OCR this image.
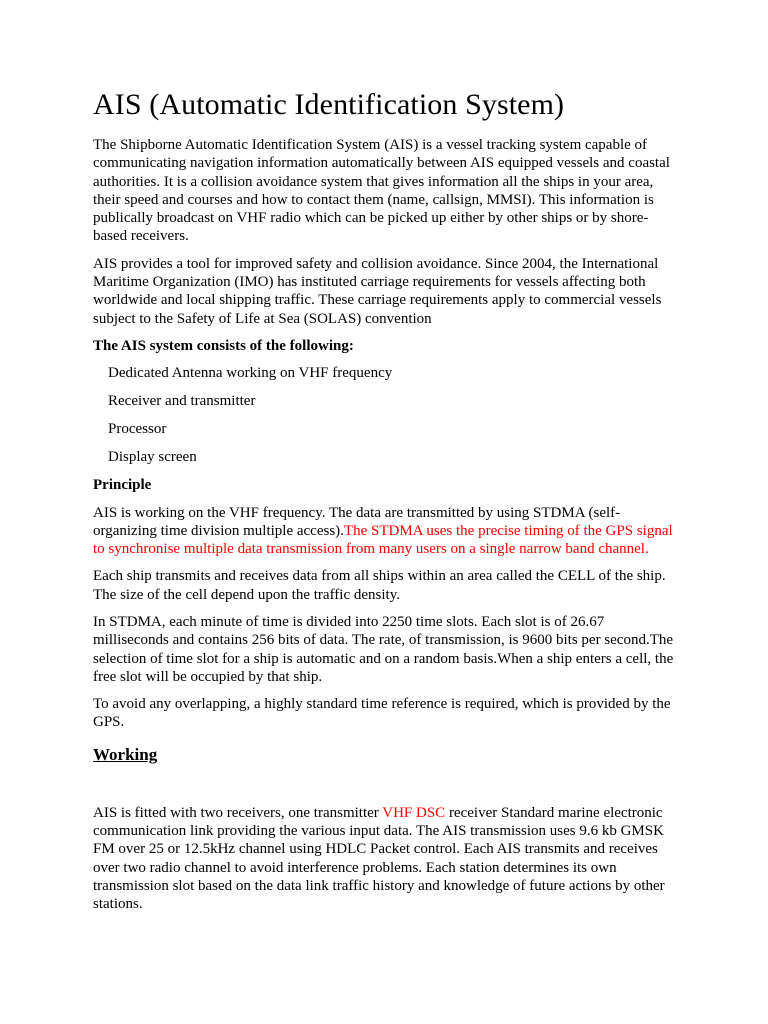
AIS (Automatic Identification System)

The Shipborne Automatic Identification System (AIS) is a vessel tracking system capable of communicating navigation information automatically between AIS equipped vessels and coastal authorities. It is a collision avoidance system that gives information all the ships in your area, their speed and courses and how to contact them (name, callsign, MMSI). This information is publically broadcast on VHF radio which can be picked up either by other ships or by shore-based receivers.

AIS provides a tool for improved safety and collision avoidance. Since 2004, the International Maritime Organization (IMO) has instituted carriage requirements for vessels affecting both worldwide and local shipping traffic. These carriage requirements apply to commercial vessels subject to the Safety of Life at Sea (SOLAS) convention

The AIS system consists of the following:

Dedicated Antenna working on VHF frequency
Receiver and transmitter
Processor
Display screen

Principle

AIS is working on the VHF frequency. The data are transmitted by using STDMA (self-organizing time division multiple access).The STDMA uses the precise timing of the GPS signal to synchronise multiple data transmission from many users on a single narrow band channel.

Each ship transmits and receives data from all ships within an area called the CELL of the ship. The size of the cell depend upon the traffic density.

In STDMA, each minute of time is divided into 2250 time slots. Each slot is of 26.67 milliseconds and contains 256 bits of data. The rate, of transmission, is 9600 bits per second.The selection of time slot for a ship is automatic and on a random basis.When a ship enters a cell, the free slot will be occupied by that ship.

To avoid any overlapping, a highly standard time reference is required, which is provided by the GPS.

Working

AIS is fitted with two receivers, one transmitter VHF DSC receiver Standard marine electronic communication link providing the various input data. The AIS transmission uses 9.6 kb GMSK FM over 25 or 12.5kHz channel using HDLC Packet control. Each AIS transmits and receives over two radio channel to avoid interference problems. Each station determines its own transmission slot based on the data link traffic history and knowledge of future actions by other stations.
